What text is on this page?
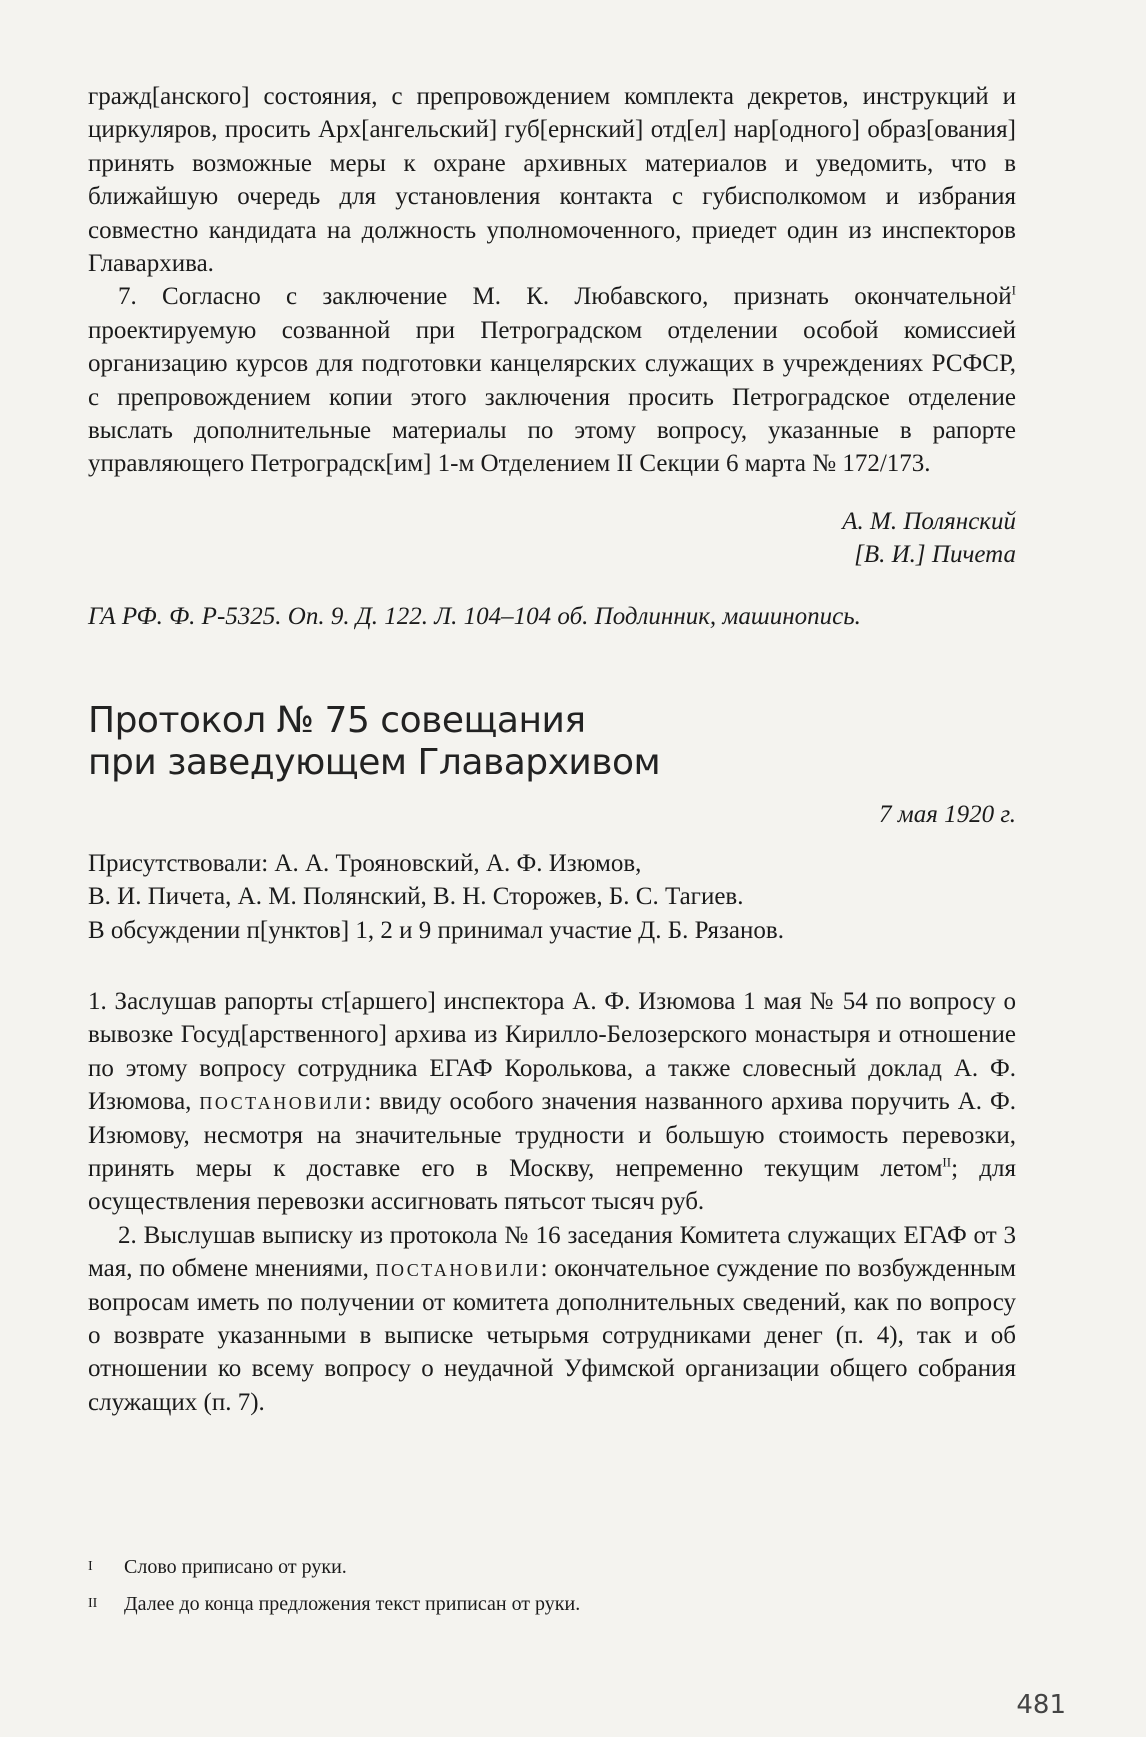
гражд[анского] состояния, с препровождением комплекта декретов, инструкций и циркуляров, просить Арх[ангельский] губ[ернский] отд[ел] нар[одного] образ[ования] принять возможные меры к охране архивных материалов и уведомить, что в ближайшую очередь для установления контакта с губисполкомом и избрания совместно кандидата на должность уполномоченного, приедет один из инспекторов Главархива.

7. Согласно с заключение М. К. Любавского, признать окончательной$^I$ проектируемую созванной при Петроградском отделении особой комиссией организацию курсов для подготовки канцелярских служащих в учреждениях РСФСР, с препровождением копии этого заключения просить Петроградское отделение выслать дополнительные материалы по этому вопросу, указанные в рапорте управляющего Петроградск[им] 1-м Отделением II Секции 6 марта № 172/173.

А. М. Полянский
[В. И.] Пичета
ГА РФ. Ф. Р-5325. Оп. 9. Д. 122. Л. 104–104 об. Подлинник, машинопись.
Протокол № 75 совещания
при заведующем Главархивом
7 мая 1920 г.

Присутствовали: А. А. Трояновский, А. Ф. Изюмов,

В. И. Пичета, А. М. Полянский, В. Н. Сторожев, Б. С. Тагиев.

В обсуждении п[унктов] 1, 2 и 9 принимал участие Д. Б. Рязанов.

1. Заслушав рапорты ст[аршего] инспектора А. Ф. Изюмова 1 мая № 54 по вопросу о вывозке Госуд[арственного] архива из Кирилло-Белозерского монастыря и отношение по этому вопросу сотрудника ЕГАФ Королькова, а также словесный доклад А. Ф. Изюмова, постановили: ввиду особого значения названного архива поручить А. Ф. Изюмову, несмотря на значительные трудности и большую стоимость перевозки, принять меры к доставке его в Москву, непременно текущим летом$^{II}$; для осуществления перевозки ассигновать пятьсот тысяч руб.

2. Выслушав выписку из протокола № 16 заседания Комитета служащих ЕГАФ от 3 мая, по обмене мнениями, постановили: окончательное суждение по возбужденным вопросам иметь по получении от комитета дополнительных сведений, как по вопросу о возврате указанными в выписке четырьмя сотрудниками денег (п. 4), так и об отношении ко всему вопросу о неудачной Уфимской организации общего собрания служащих (п. 7).

I Слово приписано от руки.
II Далее до конца предложения текст приписан от руки.
481
